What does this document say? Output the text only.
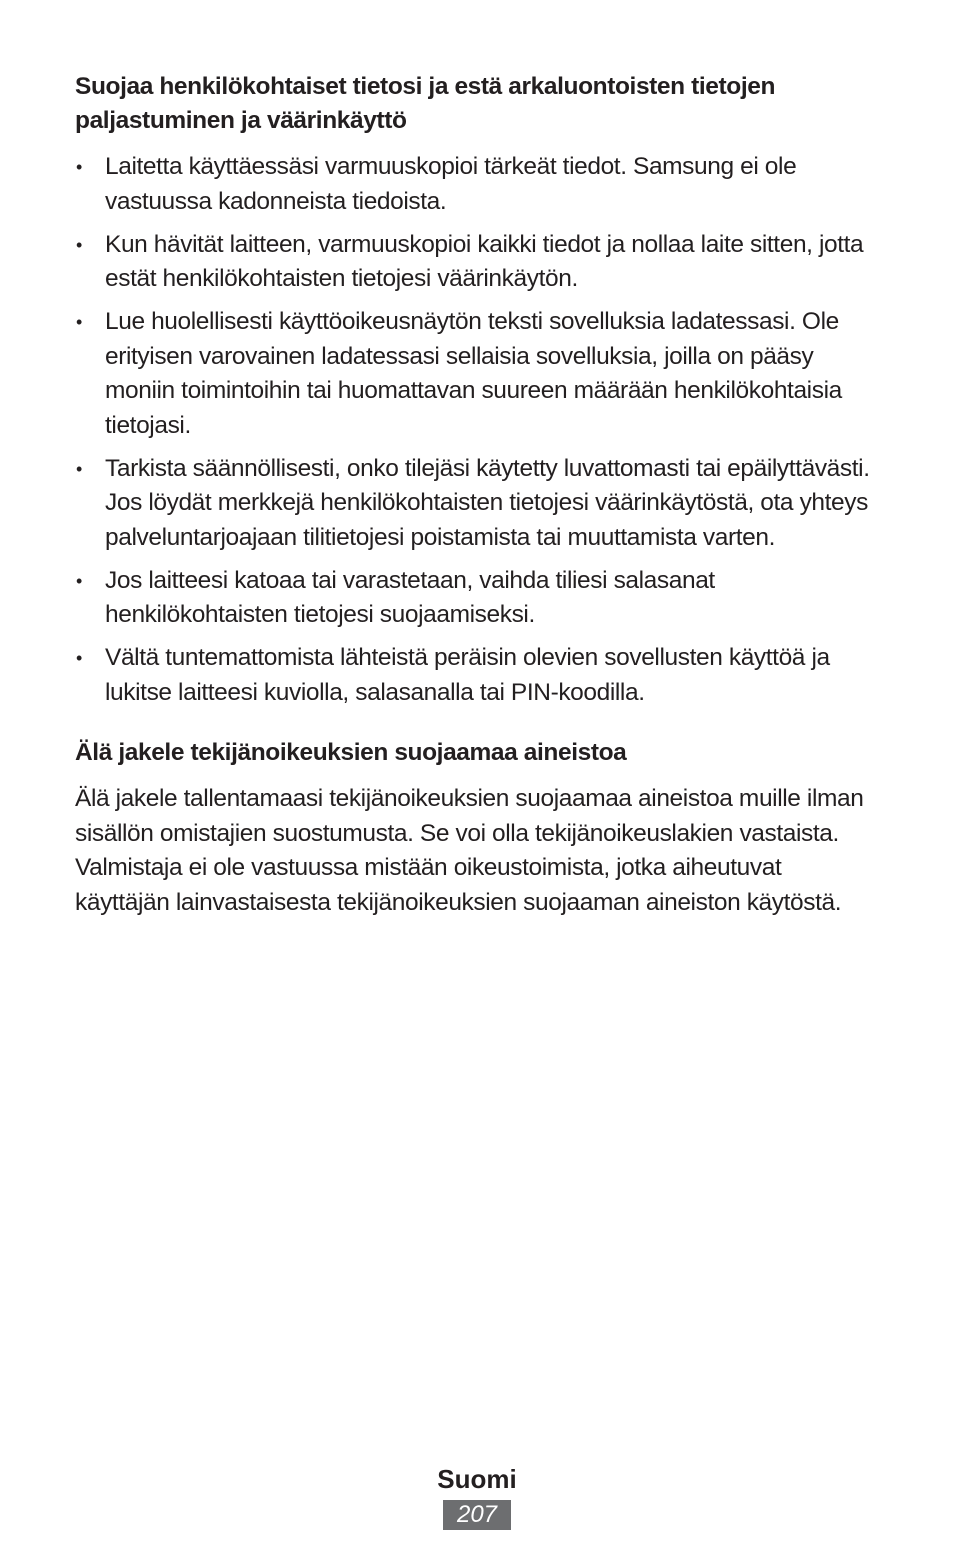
Suojaa henkilökohtaiset tietosi ja estä arkaluontoisten tietojen paljastuminen ja väärinkäyttö
• Laitetta käyttäessäsi varmuuskopioi tärkeät tiedot. Samsung ei ole vastuussa kadonneista tiedoista.
• Kun hävität laitteen, varmuuskopioi kaikki tiedot ja nollaa laite sitten, jotta estät henkilökohtaisten tietojesi väärinkäytön.
• Lue huolellisesti käyttöoikeusnäytön teksti sovelluksia ladatessasi. Ole erityisen varovainen ladatessasi sellaisia sovelluksia, joilla on pääsy moniin toimintoihin tai huomattavan suureen määrään henkilökohtaisia tietojasi.
• Tarkista säännöllisesti, onko tilejäsi käytetty luvattomasti tai epäilyttävästi. Jos löydät merkkejä henkilökohtaisten tietojesi väärinkäytöstä, ota yhteys palveluntarjoajaan tilitietojesi poistamista tai muuttamista varten.
• Jos laitteesi katoaa tai varastetaan, vaihda tiliesi salasanat henkilökohtaisten tietojesi suojaamiseksi.
• Vältä tuntemattomista lähteistä peräisin olevien sovellusten käyttöä ja lukitse laitteesi kuviolla, salasanalla tai PIN-koodilla.
Älä jakele tekijänoikeuksien suojaamaa aineistoa

Älä jakele tallentamaasi tekijänoikeuksien suojaamaa aineistoa muille ilman sisällön omistajien suostumusta. Se voi olla tekijänoikeuslakien vastaista. Valmistaja ei ole vastuussa mistään oikeustoimista, jotka aiheutuvat käyttäjän lainvastaisesta tekijänoikeuksien suojaaman aineiston käytöstä.

Suomi
207
